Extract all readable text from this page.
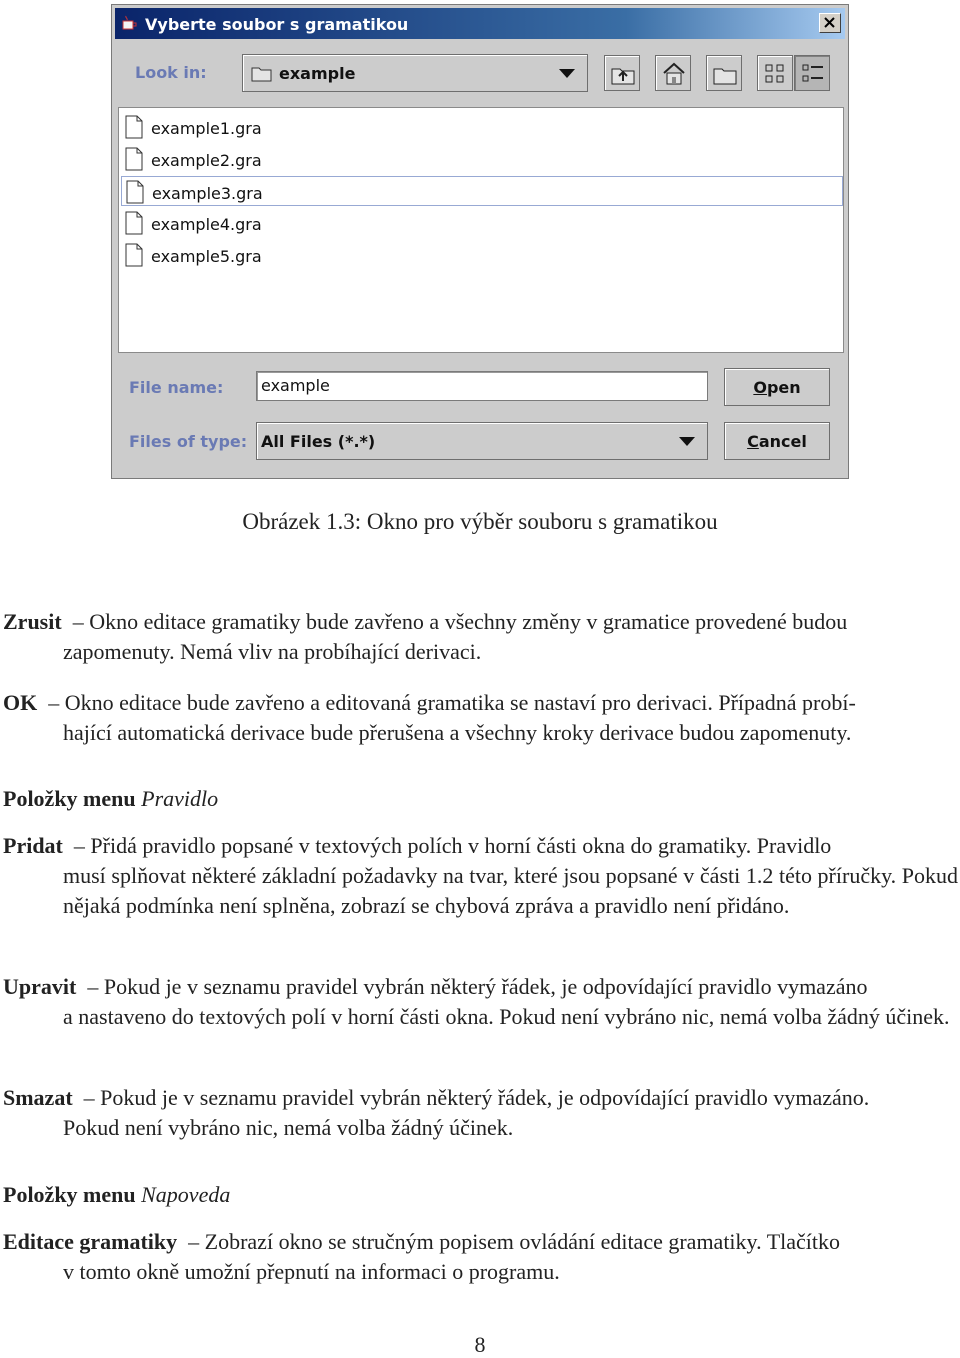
Vyberte soubor s gramatikou
Look in:	example
example1.gra
example2.gra
example3.gra
example4.gra
example5.gra
File name: example	Open
Files of type: All Files (*.*)	Cancel
Obrázek 1.3: Okno pro výběr souboru s gramatikou
Zrusit – Okno editace gramatiky bude zavřeno a všechny změny v gramatice provedené budou
zapomenuty. Nemá vliv na probíhající derivaci.
OK – Okno editace bude zavřeno a editovaná gramatika se nastaví pro derivaci. Případná probí-
hající automatická derivace bude přerušena a všechny kroky derivace budou zapomenuty.
Položky menu Pravidlo
Pridat – Přidá pravidlo popsané v textových polích v horní části okna do gramatiky. Pravidlo
musí splňovat některé základní požadavky na tvar, které jsou popsané v části 1.2 této příručky. Pokud nějaká podmínka není splněna, zobrazí se chybová zpráva a pravidlo není přidáno.
Upravit – Pokud je v seznamu pravidel vybrán některý řádek, je odpovídající pravidlo vymazáno
a nastaveno do textových polí v horní části okna. Pokud není vybráno nic, nemá volba žádný účinek.
Smazat – Pokud je v seznamu pravidel vybrán některý řádek, je odpovídající pravidlo vymazáno.
Pokud není vybráno nic, nemá volba žádný účinek.
Položky menu Napoveda
Editace gramatiky – Zobrazí okno se stručným popisem ovládání editace gramatiky. Tlačítko
v tomto okně umožní přepnutí na informaci o programu.
8
